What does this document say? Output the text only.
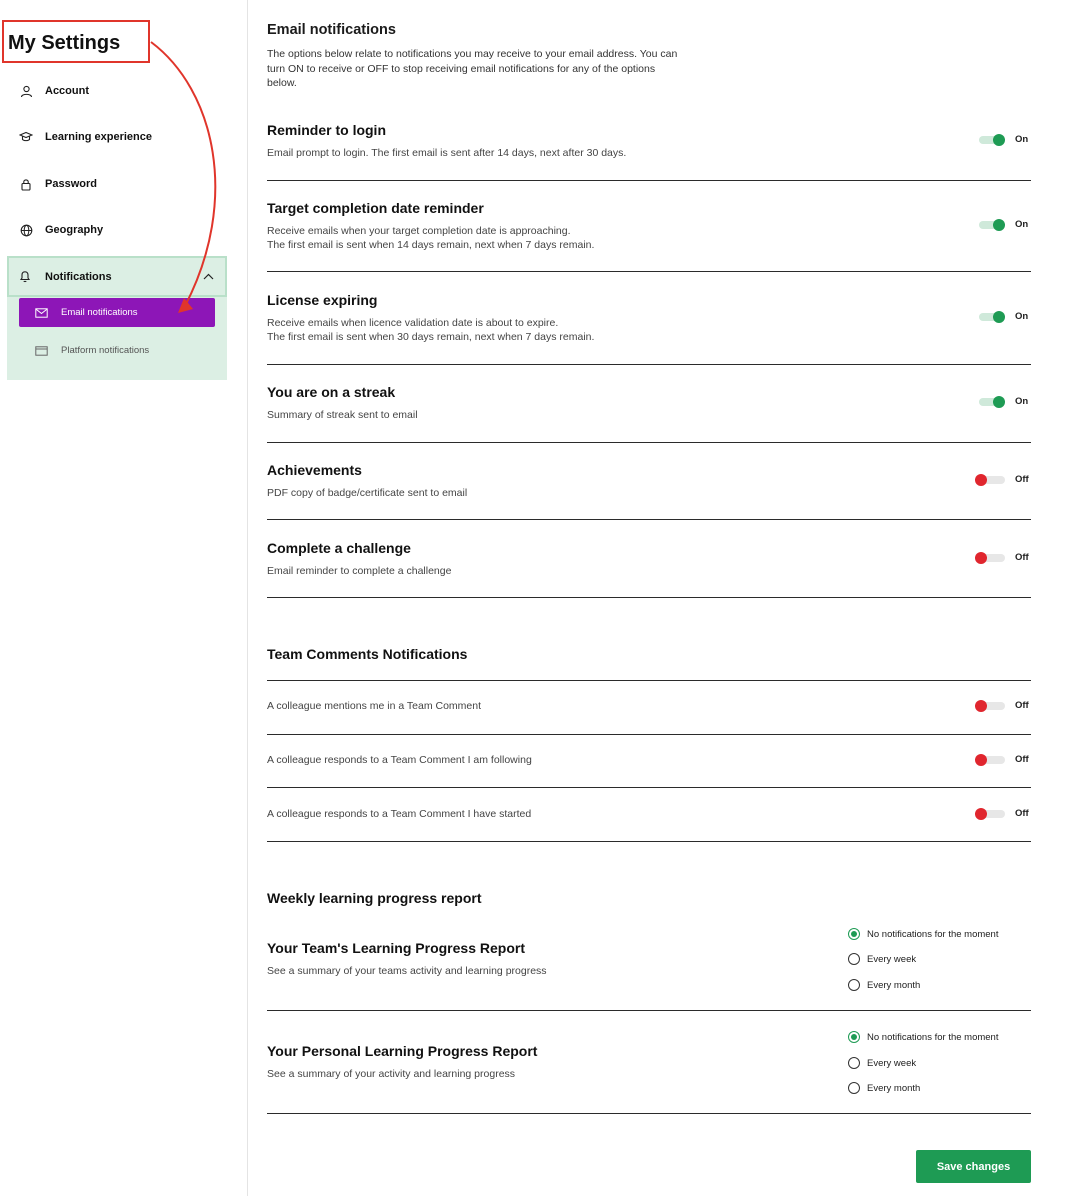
My Settings
Account
Learning experience
Password
Geography
Notifications
Email notifications
Platform notifications
Email notifications
The options below relate to notifications you may receive to your email address. You can turn ON to receive or OFF to stop receiving email notifications for any of the options below.
Reminder to login
Email prompt to login. The first email is sent after 14 days, next after 30 days.
On
Target completion date reminder
Receive emails when your target completion date is approaching.
The first email is sent when 14 days remain, next when 7 days remain.
On
License expiring
Receive emails when licence validation date is about to expire.
The first email is sent when 30 days remain, next when 7 days remain.
On
You are on a streak
Summary of streak sent to email
On
Achievements
PDF copy of badge/certificate sent to email
Off
Complete a challenge
Email reminder to complete a challenge
Off
Team Comments Notifications
A colleague mentions me in a Team Comment	Off
A colleague responds to a Team Comment I am following	Off
A colleague responds to a Team Comment I have started	Off
Weekly learning progress report
Your Team's Learning Progress Report
See a summary of your teams activity and learning progress
No notifications for the moment
Every week
Every month
Your Personal Learning Progress Report
See a summary of your activity and learning progress
No notifications for the moment
Every week
Every month
Save changes
